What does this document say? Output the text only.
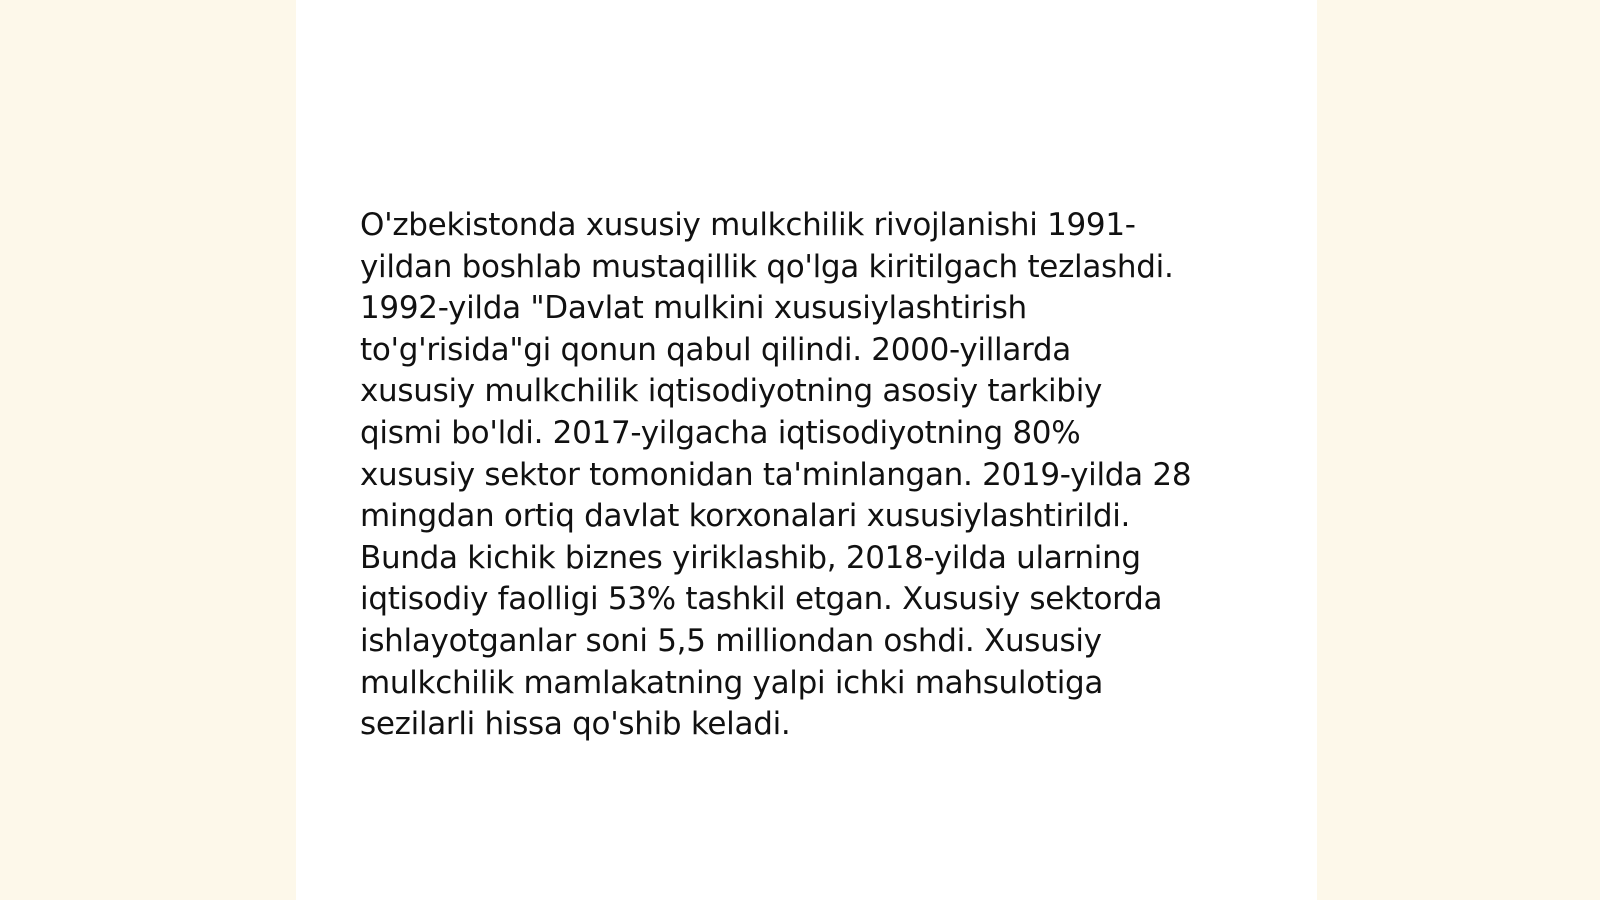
O'zbekistonda xususiy mulkchilik rivojlanishi 1991-
yildan boshlab mustaqillik qo'lga kiritilgach tezlashdi.
1992-yilda "Davlat mulkini xususiylashtirish
to'g'risida"gi qonun qabul qilindi. 2000-yillarda
xususiy mulkchilik iqtisodiyotning asosiy tarkibiy
qismi bo'ldi. 2017-yilgacha iqtisodiyotning 80%
xususiy sektor tomonidan ta'minlangan. 2019-yilda 28
mingdan ortiq davlat korxonalari xususiylashtirildi.
Bunda kichik biznes yiriklashib, 2018-yilda ularning
iqtisodiy faolligi 53% tashkil etgan. Xususiy sektorda
ishlayotganlar soni 5,5 milliondan oshdi. Xususiy
mulkchilik mamlakatning yalpi ichki mahsulotiga
sezilarli hissa qo'shib keladi.
